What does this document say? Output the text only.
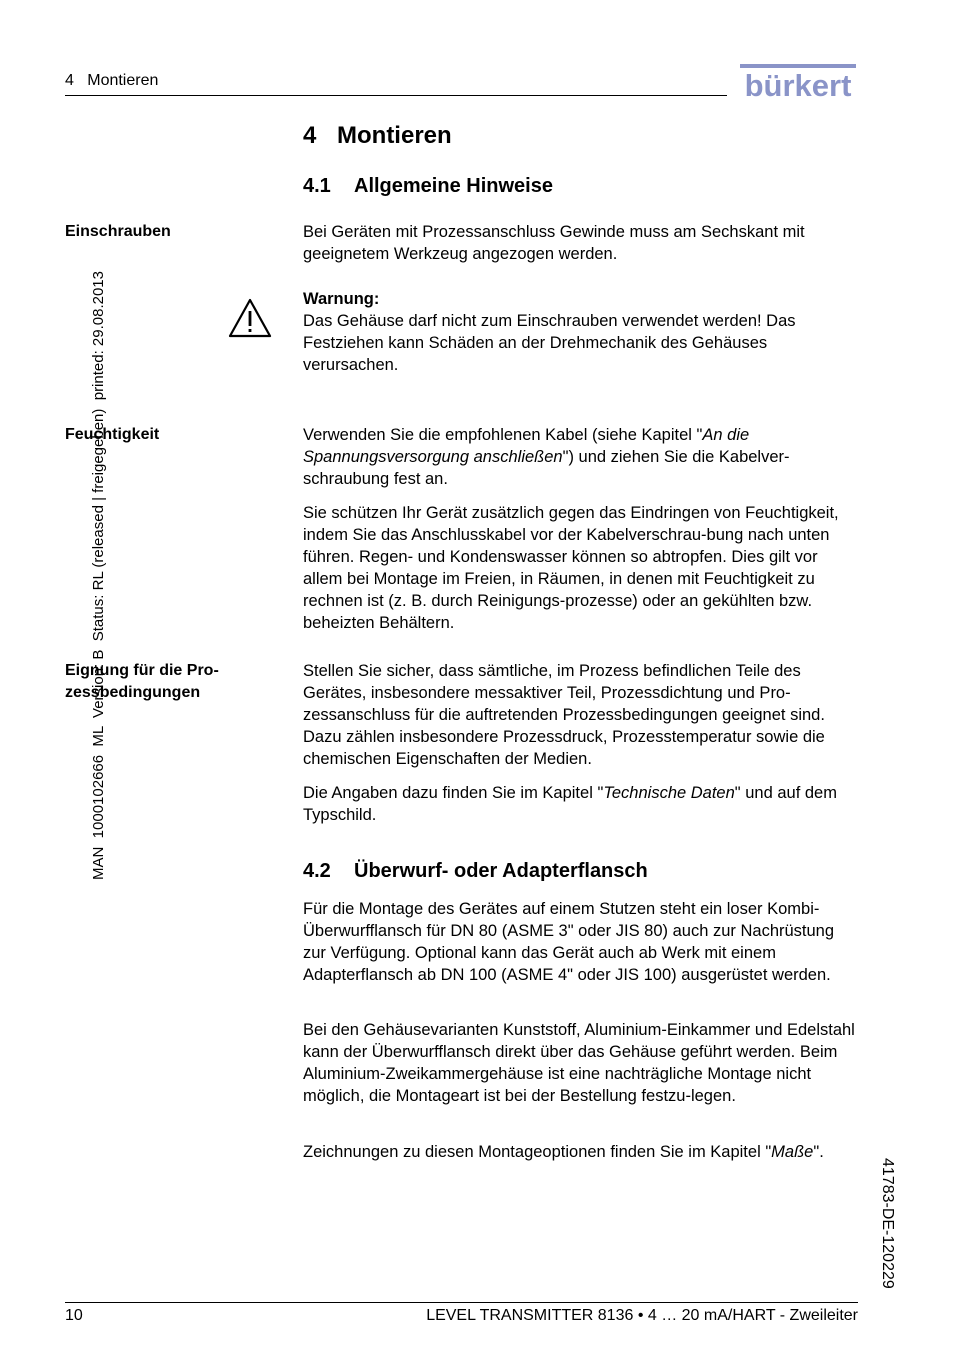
4   Montieren	bürkert
MAN  1000102666  ML  Version: B  Status: RL (released | freigegeben)  printed: 29.08.2013
41783-DE-120229
4 Montieren
4.1 Allgemeine Hinweise
Einschrauben	Bei Geräten mit Prozessanschluss Gewinde muss am Sechskant mit geeignetem Werkzeug angezogen werden.
Warnung:
Das Gehäuse darf nicht zum Einschrauben verwendet werden! Das Festziehen kann Schäden an der Drehmechanik des Gehäuses verursachen.
Feuchtigkeit	Verwenden Sie die empfohlenen Kabel (siehe Kapitel "An die Spannungsversorgung anschließen") und ziehen Sie die Kabelver-schraubung fest an.
Sie schützen Ihr Gerät zusätzlich gegen das Eindringen von Feuchtigkeit, indem Sie das Anschlusskabel vor der Kabelverschrau-bung nach unten führen. Regen- und Kondenswasser können so abtropfen. Dies gilt vor allem bei Montage im Freien, in Räumen, in denen mit Feuchtigkeit zu rechnen ist (z. B. durch Reinigungs-prozesse) oder an gekühlten bzw. beheizten Behältern.
Eignung für die Pro-
zessbedingungen
Stellen Sie sicher, dass sämtliche, im Prozess befindlichen Teile des Gerätes, insbesondere messaktiver Teil, Prozessdichtung und Pro-zessanschluss für die auftretenden Prozessbedingungen geeignet sind. Dazu zählen insbesondere Prozessdruck, Prozesstemperatur sowie die chemischen Eigenschaften der Medien.
Die Angaben dazu finden Sie im Kapitel "Technische Daten" und auf dem Typschild.
4.2 Überwurf- oder Adapterflansch
Für die Montage des Gerätes auf einem Stutzen steht ein loser Kombi-Überwurfflansch für DN 80 (ASME 3" oder JIS 80) auch zur Nachrüstung zur Verfügung. Optional kann das Gerät auch ab Werk mit einem Adapterflansch ab DN 100 (ASME 4" oder JIS 100) ausgerüstet werden.
Bei den Gehäusevarianten Kunststoff, Aluminium-Einkammer und Edelstahl kann der Überwurfflansch direkt über das Gehäuse geführt werden. Beim Aluminium-Zweikammergehäuse ist eine nachträgliche Montage nicht möglich, die Montageart ist bei der Bestellung festzu-legen.
Zeichnungen zu diesen Montageoptionen finden Sie im Kapitel "Maße".
10	LEVEL TRANSMITTER 8136 • 4 … 20 mA/HART - Zweileiter
